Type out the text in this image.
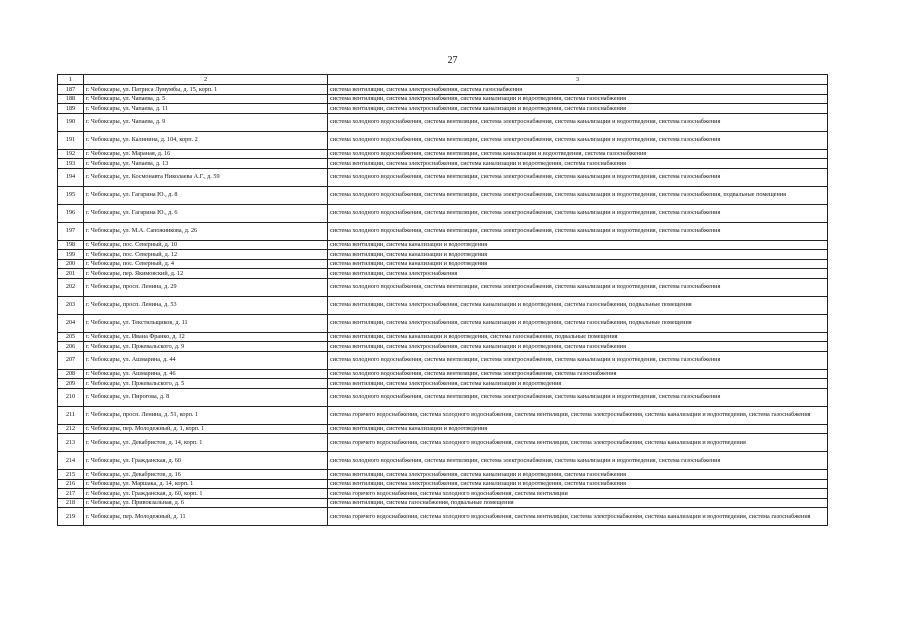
27
1	2	3
187	г. Чебоксары, ул. Патриса Лумумбы, д. 15, корп. 1	система вентиляции, система электроснабжения, система газоснабжения
188	г. Чебоксары, ул. Чапаева, д. 5	система вентиляции, система электроснабжения, система канализации и водоотведения, система газоснабжения
189	г. Чебоксары, ул. Чапаева, д. 11	система вентиляции, система электроснабжения, система канализации и водоотведения, система газоснабжения
190	г. Чебоксары, ул. Чапаева, д. 9	система холодного водоснабжения, система вентиляции, система электроснабжения, система канализации и водоотведения, система газоснабжения
191	г. Чебоксары, ул. Калинина, д. 104, корп. 2	система холодного водоснабжения, система вентиляции, система электроснабжения, система канализации и водоотведения, система газоснабжения
192	г. Чебоксары, ул. Мараная, д. 16	система холодного водоснабжения, система вентиляции, система канализации и водоотведения, система газоснабжения
193	г. Чебоксары, ул. Чапаева, д. 13	система вентиляции, система электроснабжения, система канализации и водоотведения, система газоснабжения
194	г. Чебоксары, ул. Космонавта Николаева А.Г., д. 59	система холодного водоснабжения, система вентиляции, система электроснабжения, система канализации и водоотведения, система газоснабжения
195	г. Чебоксары, ул. Гагарина Ю., д. 8	система холодного водоснабжения, система вентиляции, система электроснабжения, система канализации и водоотведения, система газоснабжения, подвальные помещения
196	г. Чебоксары, ул. Гагарина Ю., д. 6	система холодного водоснабжения, система вентиляции, система электроснабжения, система канализации и водоотведения, система газоснабжения
197	г. Чебоксары, ул. М.А. Сапожникова, д. 26	система холодного водоснабжения, система вентиляции, система электроснабжения, система канализации и водоотведения, система газоснабжения
198	г. Чебоксары, пос. Северный, д. 10	система вентиляции, система канализации и водоотведения
199	г. Чебоксары, пос. Северный, д. 12	система вентиляции, система канализации и водоотведения
200	г. Чебоксары, пос. Северный, д. 4	система вентиляции, система канализации и водоотведения
201	г. Чебоксары, пер. Якимовский, д. 12	система вентиляции, система электроснабжения
202	г. Чебоксары, просп. Ленина, д. 29	система холодного водоснабжения, система вентиляции, система электроснабжения, система канализации и водоотведения, система газоснабжения
203	г. Чебоксары, просп. Ленина, д. 53	система вентиляции, система электроснабжения, система канализации и водоотведения, система газоснабжения, подвальные помещения
204	г. Чебоксары, ул. Текстильщиков, д. 11	система вентиляции, система электроснабжения, система канализации и водоотведения, система газоснабжения, подвальные помещения
205	г. Чебоксары, ул. Ивана Франко, д. 12	система вентиляции, система канализации и водоотведения, система газоснабжения, подвальные помещения
206	г. Чебоксары, ул. Пржевальского, д. 9	система вентиляции, система электроснабжения, система канализации и водоотведения, система газоснабжения
207	г. Чебоксары, ул. Ашмарина, д. 44	система холодного водоснабжения, система вентиляции, система электроснабжения, система канализации и водоотведения, система газоснабжения
208	г. Чебоксары, ул. Ашмарина, д. 46	система холодного водоснабжения, система вентиляции, система электроснабжения, система газоснабжения
209	г. Чебоксары, ул. Пржевальского, д. 5	система вентиляции, система электроснабжения, система канализации и водоотведения
210	г. Чебоксары, ул. Пирогова, д. 8	система холодного водоснабжения, система вентиляции, система электроснабжения, система канализации и водоотведения, система газоснабжения
211	г. Чебоксары, просп. Ленина, д. 51, корп. 1	система горячего водоснабжения, система холодного водоснабжения, система вентиляции, система электроснабжения, система канализации и водоотведения, система газоснабжения
212	г. Чебоксары, пер. Молодежный, д. 1, корп. 1	система вентиляции, система канализации и водоотведения
213	г. Чебоксары, ул. Декабристов, д. 14, корп. 1	система горячего водоснабжения, система холодного водоснабжения, система вентиляции, система электроснабжения, система канализации и водоотведения
214	г. Чебоксары, ул. Гражданская, д. 60	система холодного водоснабжения, система вентиляции, система электроснабжения, система канализации и водоотведения, система газоснабжения
215	г. Чебоксары, ул. Декабристов, д. 16	система вентиляции, система электроснабжения, система канализации и водоотведения, система газоснабжения
216	г. Чебоксары, ул. Маршака, д. 14, корп. 1	система вентиляции, система электроснабжения, система канализации и водоотведения, система газоснабжения
217	г. Чебоксары, ул. Гражданская, д. 60, корп. 1	система горячего водоснабжения, система холодного водоснабжения, система вентиляции
218	г. Чебоксары, ул. Привокзальная, д. 6	система вентиляции, система газоснабжения, подвальные помещения
219	г. Чебоксары, пер. Молодежный, д. 11	система горячего водоснабжения, система холодного водоснабжения, система вентиляции, система электроснабжения, система канализации и водоотведения, система газоснабжения
